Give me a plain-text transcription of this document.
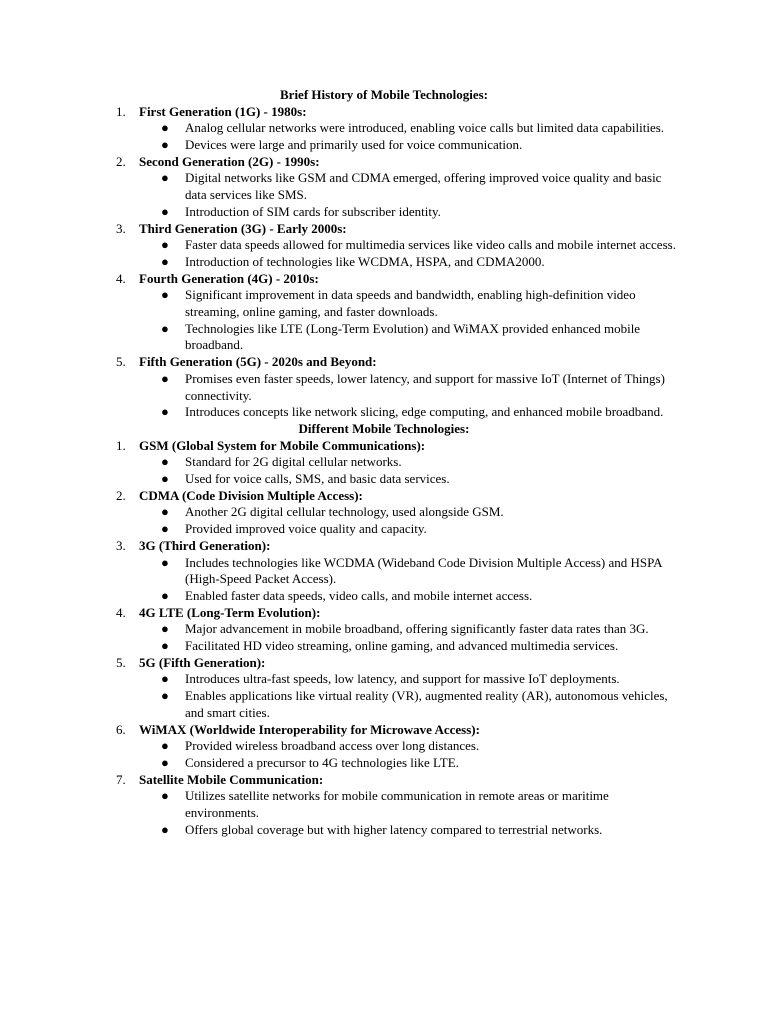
Brief History of Mobile Technologies:
1. First Generation (1G) - 1980s:
● Analog cellular networks were introduced, enabling voice calls but limited data capabilities.
● Devices were large and primarily used for voice communication.
2. Second Generation (2G) - 1990s:
● Digital networks like GSM and CDMA emerged, offering improved voice quality and basic data services like SMS.
● Introduction of SIM cards for subscriber identity.
3. Third Generation (3G) - Early 2000s:
● Faster data speeds allowed for multimedia services like video calls and mobile internet access.
● Introduction of technologies like WCDMA, HSPA, and CDMA2000.
4. Fourth Generation (4G) - 2010s:
● Significant improvement in data speeds and bandwidth, enabling high-definition video streaming, online gaming, and faster downloads.
● Technologies like LTE (Long-Term Evolution) and WiMAX provided enhanced mobile broadband.
5. Fifth Generation (5G) - 2020s and Beyond:
● Promises even faster speeds, lower latency, and support for massive IoT (Internet of Things) connectivity.
● Introduces concepts like network slicing, edge computing, and enhanced mobile broadband.
Different Mobile Technologies:
1. GSM (Global System for Mobile Communications):
● Standard for 2G digital cellular networks.
● Used for voice calls, SMS, and basic data services.
2. CDMA (Code Division Multiple Access):
● Another 2G digital cellular technology, used alongside GSM.
● Provided improved voice quality and capacity.
3. 3G (Third Generation):
● Includes technologies like WCDMA (Wideband Code Division Multiple Access) and HSPA (High-Speed Packet Access).
● Enabled faster data speeds, video calls, and mobile internet access.
4. 4G LTE (Long-Term Evolution):
● Major advancement in mobile broadband, offering significantly faster data rates than 3G.
● Facilitated HD video streaming, online gaming, and advanced multimedia services.
5. 5G (Fifth Generation):
● Introduces ultra-fast speeds, low latency, and support for massive IoT deployments.
● Enables applications like virtual reality (VR), augmented reality (AR), autonomous vehicles, and smart cities.
6. WiMAX (Worldwide Interoperability for Microwave Access):
● Provided wireless broadband access over long distances.
● Considered a precursor to 4G technologies like LTE.
7. Satellite Mobile Communication:
● Utilizes satellite networks for mobile communication in remote areas or maritime environments.
● Offers global coverage but with higher latency compared to terrestrial networks.
